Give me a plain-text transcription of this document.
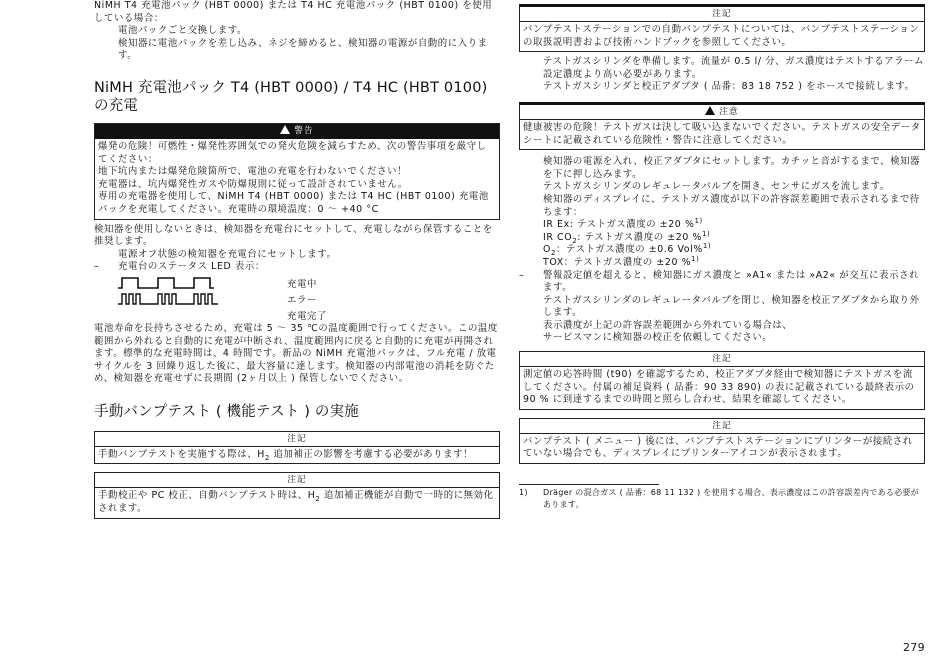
NiMH T4 充電池パック (HBT 0000) または T4 HC 充電池パック (HBT 0100) を使用している場合：

電池パックごと交換します。

検知器に電池パックを差し込み、ネジを締めると、検知器の電源が自動的に入ります。

NiMH 充電池パック T4 (HBT 0000) / T4 HC (HBT 0100) の充電
警告

爆発の危険！可燃性・爆発性雰囲気での発火危険を減らすため、次の警告事項を厳守してください：

地下坑内または爆発危険箇所で、電池の充電を行わないでください！

充電器は、坑内爆発性ガスや防爆規則に従って設計されていません。

専用の充電器を使用して、NiMH T4 (HBT 0000) または T4 HC (HBT 0100) 充電池パックを充電してください。充電時の環境温度：0 ～ +40 °C

検知器を使用しないときは、検知器を充電台にセットして、充電しながら保管することを推奨します。

電源オフ状態の検知器を充電台にセットします。

–	充電台のステータス LED 表示：
充電中
エラー
充電完了

電池寿命を長持ちさせるため、充電は 5 ～ 35 ℃の温度範囲で行ってください。この温度範囲から外れると自動的に充電が中断され、温度範囲内に戻ると自動的に充電が再開されます。標準的な充電時間は、4 時間です。新品の NiMH 充電池パックは、フル充電 / 放電サイクルを 3 回繰り返した後に、最大容量に達します。検知器の内部電池の消耗を防ぐため、検知器を充電せずに長期間 (2ヶ月以上 ) 保管しないでください。

手動バンプテスト ( 機能テスト ) の実施
注記

手動バンプテストを実施する際は、$H_2$ 追加補正の影響を考慮する必要があります！

注記

手動校正や PC 校正、自動バンプテスト時は、$H_2$ 追加補正機能が自動で一時的に無効化されます。

注記

バンプテストステーションでの自動バンプテストについては、バンプテストステーションの取扱説明書および技術ハンドブックを参照してください。

テストガスシリンダを準備します。流量が 0.5 l/ 分、ガス濃度はテストするアラーム設定濃度より高い必要があります。

テストガスシリンダと校正アダプタ ( 品番：83 18 752 ) をホースで接続します。

注意

健康被害の危険！テストガスは決して吸い込まないでください。テストガスの安全データシートに記載されている危険性・警告に注意してください。

検知器の電源を入れ、校正アダプタにセットします。カチッと音がするまで、検知器を下に押し込みます。

テストガスシリンダのレギュレータバルブを開き、センサにガスを流します。

検知器のディスプレイに、テストガス濃度が以下の許容誤差範囲で表示されるまで待ちます：

IR Ex: テストガス濃度の ±20 %$^{1)}$

IR $CO_2$: テストガス濃度の ±20 %$^{1)}$

$O_2$：テストガス濃度の ±0.6 Vol%$^{1)}$

TOX：テストガス濃度の ±20 %$^{1)}$

–	警報設定値を超えると、検知器にガス濃度と »A1« または »A2« が交互に表示されます。

テストガスシリンダのレギュレータバルブを閉じ、検知器を校正アダプタから取り外します。

表示濃度が上記の許容誤差範囲から外れている場合は、

サービスマンに検知器の校正を依頼してください。

注記

測定値の応答時間 (t90) を確認するため、校正アダプタ経由で検知器にテストガスを流してください。付属の補足資料 ( 品番：90 33 890) の表に記載されている最終表示の 90 % に到達するまでの時間と照らし合わせ、結果を確認してください。

注記

バンプテスト ( メニュー ) 後には、バンプテストステーションにプリンターが接続されていない場合でも、ディスプレイにプリンターアイコンが表示されます。

1)	Dräger の混合ガス ( 品番：68 11 132 ) を使用する場合、表示濃度はこの許容誤差内である必要があります。
279
